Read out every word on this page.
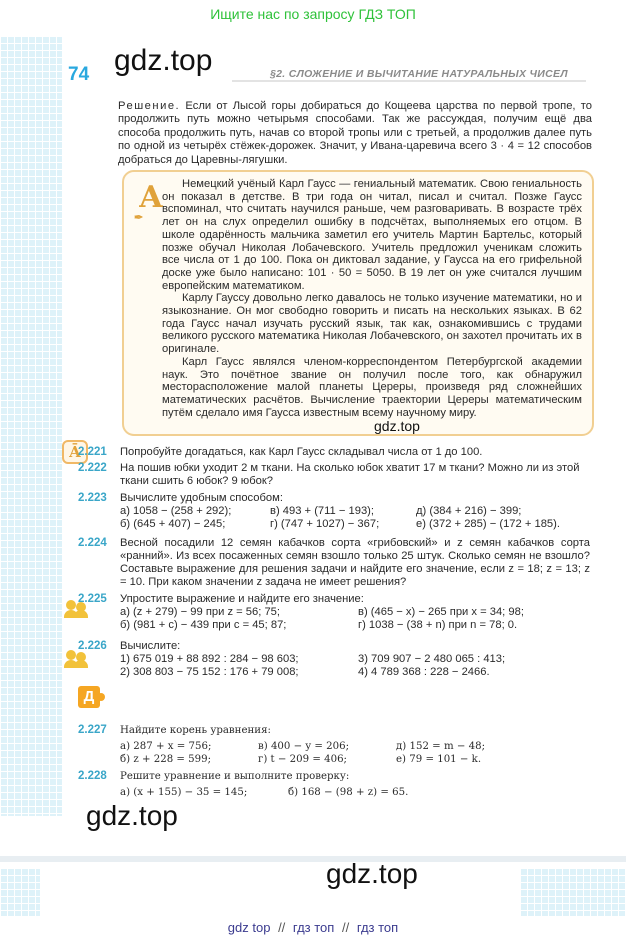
Ищите нас по запросу ГДЗ ТОП
74 gdz.top	§2. СЛОЖЕНИЕ И ВЫЧИТАНИЕ НАТУРАЛЬНЫХ ЧИСЕЛ
Решение. Если от Лысой горы добираться до Кощеева царства по первой тропе, то продолжить путь можно четырьмя способами. Так же рассуждая, получим ещё два способа продолжить путь, начав со второй тропы или с третьей, а продолжив далее путь по одной из четырёх стёжек-дорожек. Значит, у Ивана-царевича всего 3 · 4 = 12 способов добраться до Царевны-лягушки.
А
✒

Немецкий учёный Карл Гаусс — гениальный математик. Свою гениальность он показал в детстве. В три года он читал, писал и считал. Позже Гаусс вспоминал, что считать научился раньше, чем разговаривать. В возрасте трёх лет он на слух определил ошибку в подсчётах, выполняемых его отцом. В школе одарённость мальчика заметил его учитель Мартин Бартельс, который позже обучал Николая Лобачевского. Учитель предложил ученикам сложить все числа от 1 до 100. Пока он диктовал задание, у Гаусса на его грифельной доске уже было написано: 101 · 50 = 5050. В 19 лет он уже считался лучшим европейским математиком.

Карлу Гауссу довольно легко давалось не только изучение математики, но и языкознание. Он мог свободно говорить и писать на нескольких языках. В 62 года Гаусс начал изучать русский язык, так как, ознакомившись с трудами великого русского математика Николая Лобачевского, он захотел прочитать их в оригинале.

Карл Гаусс являлся членом-корреспондентом Петербургской академии наук. Это почётное звание он получил после того, как обнаружил месторасположение малой планеты Цереры, произведя ряд сложнейших математических расчётов. Вычисление траектории Цереры математическим путём сделало имя Гаусса известным всему научному миру.

gdz.top
Ā
2.221 Попробуйте догадаться, как Карл Гаусс складывал числа от 1 до 100.
2.222 На пошив юбки уходит 2 м ткани. На сколько юбок хватит 17 м ткани? Можно ли из этой ткани сшить 6 юбок? 9 юбок?
2.223 Вычислите удобным способом:
а) 1058 − (258 + 292);	в) 493 + (711 − 193);	д) (384 + 216) − 399;
б) (645 + 407) − 245;	г) (747 + 1027) − 367;	е) (372 + 285) − (172 + 185).
2.224 Весной посадили 12 семян кабачков сорта «грибовский» и z семян кабачков сорта «ранний». Из всех посаженных семян взошло только 25 штук. Сколько семян не взошло? Составьте выражение для решения задачи и найдите его значение, если z = 18; z = 13; z = 10. При каком значении z задача не имеет решения?
2.225 Упростите выражение и найдите его значение:
а) (z + 279) − 99 при z = 56; 75;	в) (465 − x) − 265 при x = 34; 98;
б) (981 + c) − 439 при c = 45; 87;	г) 1038 − (38 + n) при n = 78; 0.
2.226 Вычислите:
1) 675 019 + 88 892 : 284 − 98 603;	3) 709 907 − 2 480 065 : 413;
2) 308 803 − 75 152 : 176 + 79 008;	4) 4 789 368 : 228 − 2466.
Д
2.227 Найдите корень уравнения:
а) 287 + x = 756;	в) 400 − y = 206;	д) 152 = m − 48;
б) z + 228 = 599;	г) t − 209 = 406;	е) 79 = 101 − k.
2.228 Решите уравнение и выполните проверку:
а) (x + 155) − 35 = 145;	б) 168 − (98 + z) = 65.
gdz.top
gdz.top
gdz top // гдз топ // гдз топ
